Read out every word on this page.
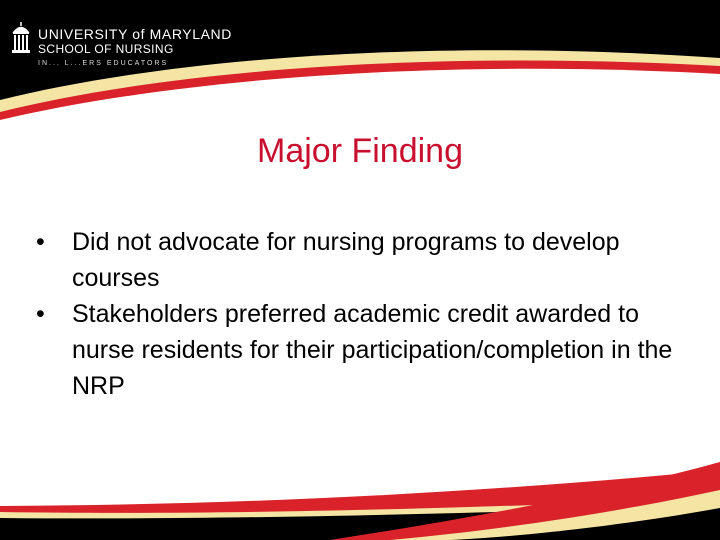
UNIVERSITY of MARYLAND
SCHOOL OF NURSING
IN... L...ERS EDUCATORS
Major Finding
• Did not advocate for nursing programs to develop courses
• Stakeholders preferred academic credit awarded to nurse residents for their participation/completion in the NRP
